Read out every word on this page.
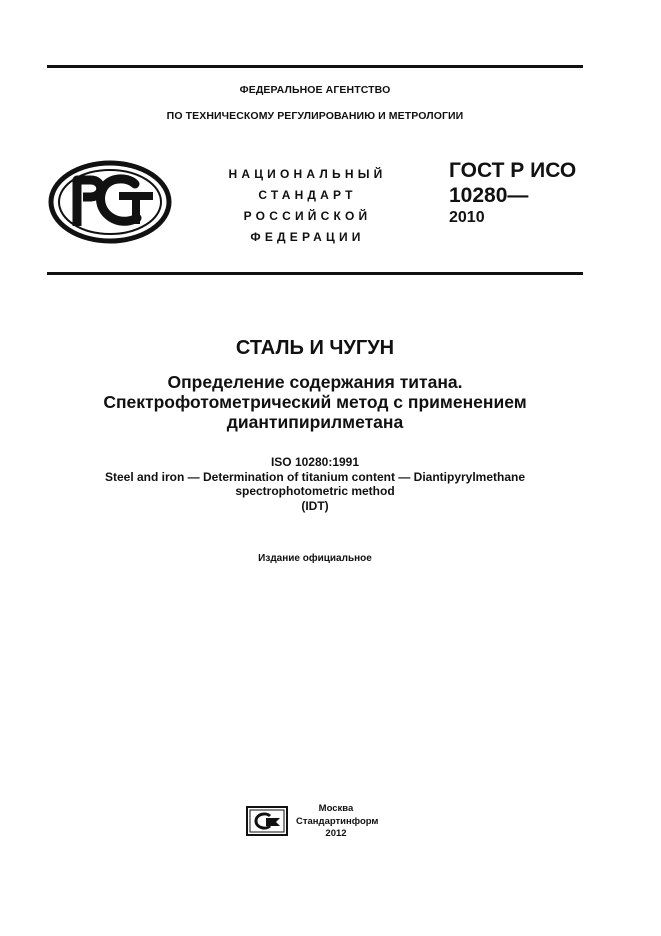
ФЕДЕРАЛЬНОЕ АГЕНТСТВО
ПО ТЕХНИЧЕСКОМУ РЕГУЛИРОВАНИЮ И МЕТРОЛОГИИ
НАЦИОНАЛЬНЫЙ
СТАНДАРТ
РОССИЙСКОЙ
ФЕДЕРАЦИИ
ГОСТ Р ИСО
10280—
2010
СТАЛЬ И ЧУГУН
Определение содержания титана.
Спектрофотометрический метод с применением
диантипирилметана
ISO 10280:1991
Steel and iron — Determination of titanium content — Diantipyrylmethane
spectrophotometric method
(IDT)
Издание официальное
Москва
Стандартинформ
2012
